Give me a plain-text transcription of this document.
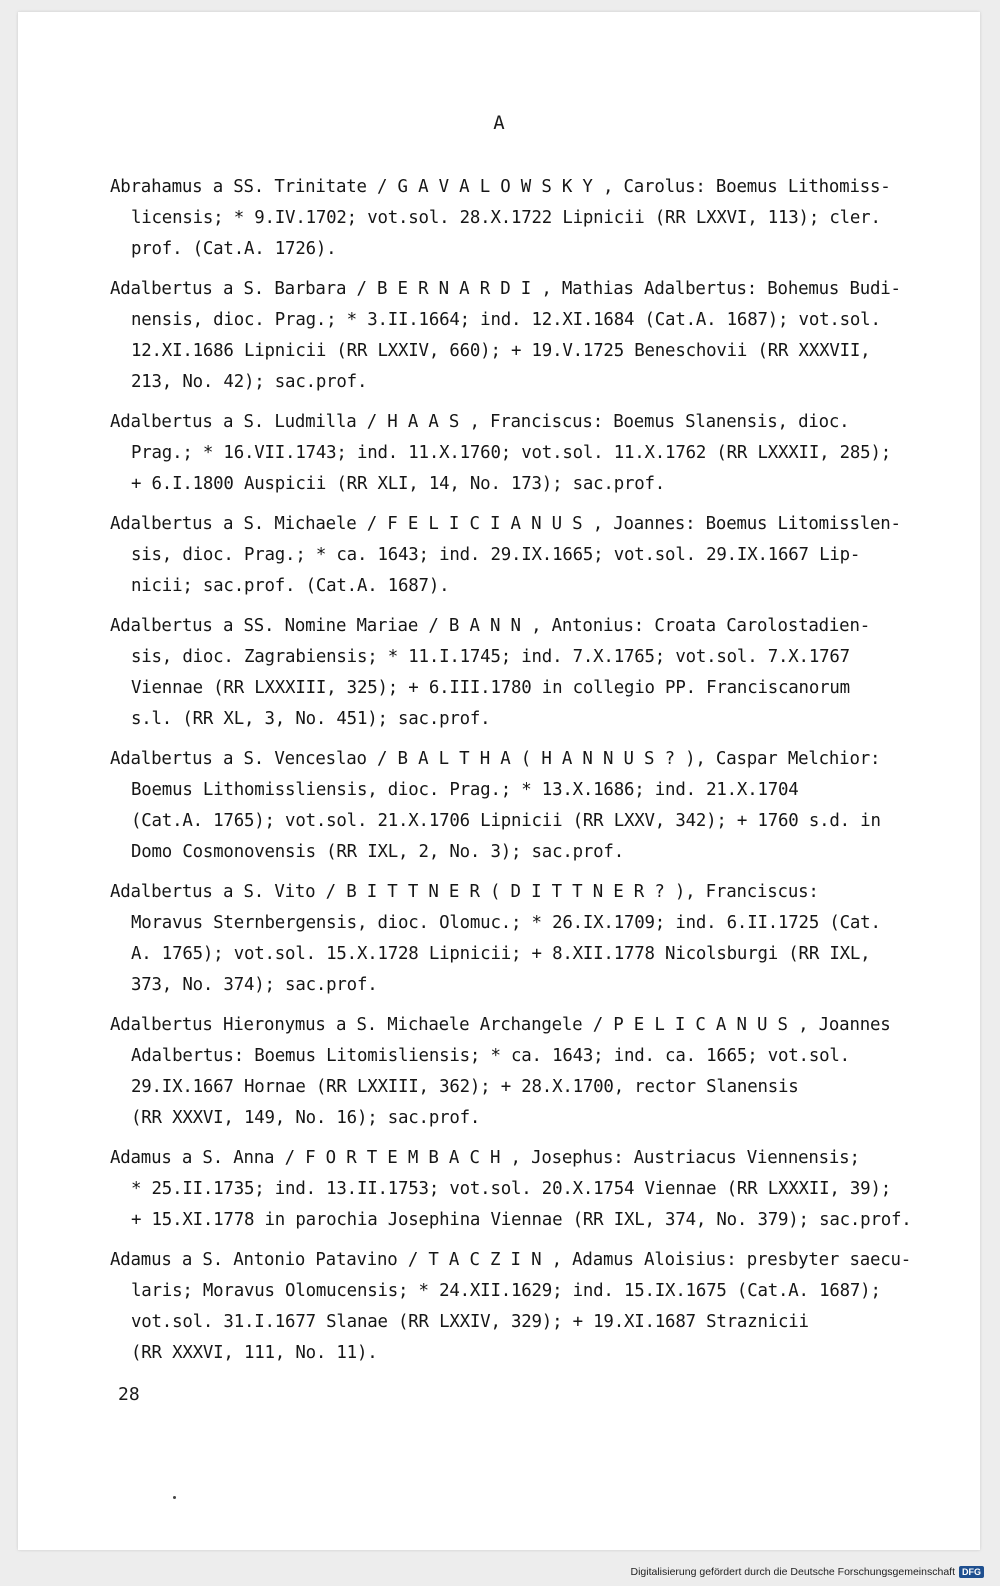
A
Abrahamus a SS. Trinitate / G A V A L O W S K Y , Carolus: Boemus Lithomiss-
licensis; * 9.IV.1702; vot.sol. 28.X.1722 Lipnicii (RR LXXVI, 113); cler.
prof. (Cat.A. 1726).
Adalbertus a S. Barbara / B E R N A R D I , Mathias Adalbertus: Bohemus Budi-
nensis, dioc. Prag.; * 3.II.1664; ind. 12.XI.1684 (Cat.A. 1687); vot.sol.
12.XI.1686 Lipnicii (RR LXXIV, 660); + 19.V.1725 Beneschovii (RR XXXVII,
213, No. 42); sac.prof.
Adalbertus a S. Ludmilla / H A A S , Franciscus: Boemus Slanensis, dioc.
Prag.; * 16.VII.1743; ind. 11.X.1760; vot.sol. 11.X.1762 (RR LXXXII, 285);
+ 6.I.1800 Auspicii (RR XLI, 14, No. 173); sac.prof.
Adalbertus a S. Michaele / F E L I C I A N U S , Joannes: Boemus Litomisslen-
sis, dioc. Prag.; * ca. 1643; ind. 29.IX.1665; vot.sol. 29.IX.1667 Lip-
nicii; sac.prof. (Cat.A. 1687).
Adalbertus a SS. Nomine Mariae / B A N N , Antonius: Croata Carolostadien-
sis, dioc. Zagrabiensis; * 11.I.1745; ind. 7.X.1765; vot.sol. 7.X.1767
Viennae (RR LXXXIII, 325); + 6.III.1780 in collegio PP. Franciscanorum
s.l. (RR XL, 3, No. 451); sac.prof.
Adalbertus a S. Venceslao / B A L T H A ( H A N N U S ? ), Caspar Melchior:
Boemus Lithomissliensis, dioc. Prag.; * 13.X.1686; ind. 21.X.1704
(Cat.A. 1765); vot.sol. 21.X.1706 Lipnicii (RR LXXV, 342); + 1760 s.d. in
Domo Cosmonovensis (RR IXL, 2, No. 3); sac.prof.
Adalbertus a S. Vito / B I T T N E R ( D I T T N E R ? ), Franciscus:
Moravus Sternbergensis, dioc. Olomuc.; * 26.IX.1709; ind. 6.II.1725 (Cat.
A. 1765); vot.sol. 15.X.1728 Lipnicii; + 8.XII.1778 Nicolsburgi (RR IXL,
373, No. 374); sac.prof.
Adalbertus Hieronymus a S. Michaele Archangele / P E L I C A N U S , Joannes
Adalbertus: Boemus Litomisliensis; * ca. 1643; ind. ca. 1665; vot.sol.
29.IX.1667 Hornae (RR LXXIII, 362); + 28.X.1700, rector Slanensis
(RR XXXVI, 149, No. 16); sac.prof.
Adamus a S. Anna / F O R T E M B A C H , Josephus: Austriacus Viennensis;
* 25.II.1735; ind. 13.II.1753; vot.sol. 20.X.1754 Viennae (RR LXXXII, 39);
+ 15.XI.1778 in parochia Josephina Viennae (RR IXL, 374, No. 379); sac.prof.
Adamus a S. Antonio Patavino / T A C Z I N , Adamus Aloisius: presbyter saecu-
laris; Moravus Olomucensis; * 24.XII.1629; ind. 15.IX.1675 (Cat.A. 1687);
vot.sol. 31.I.1677 Slanae (RR LXXIV, 329); + 19.XI.1687 Straznicii
(RR XXXVI, 111, No. 11).
28
Digitalisierung gefördert durch die Deutsche Forschungsgemeinschaft DFG
